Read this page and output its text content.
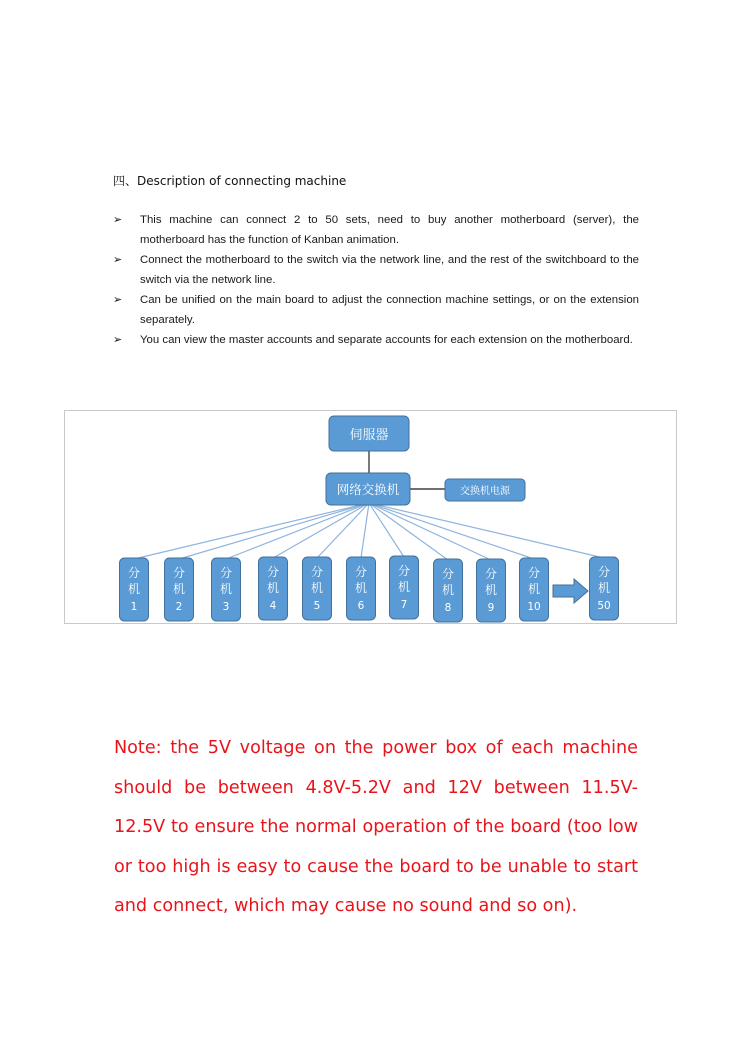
四、Description of connecting machine
➢ This machine can connect 2 to 50 sets, need to buy another motherboard (server), the motherboard has the function of Kanban animation.
➢ Connect the motherboard to the switch via the network line, and the rest of the switchboard to the switch via the network line.
➢ Can be unified on the main board to adjust the connection machine settings, or on the extension separately.
➢ You can view the master accounts and separate accounts for each extension on the motherboard.
伺服器
网络交换机	交换机电源
分
机
1
分
机
2
分
机
3
分
机
4
分
机
5
分
机
6
分
机
7
分
机
8
分
机
9
分
机
10
分
机
50
Note: the 5V voltage on the power box of each machine should be between 4.8V-5.2V and 12V between 11.5V-12.5V to ensure the normal operation of the board (too low or too high is easy to cause the board to be unable to start and connect, which may cause no sound and so on).
